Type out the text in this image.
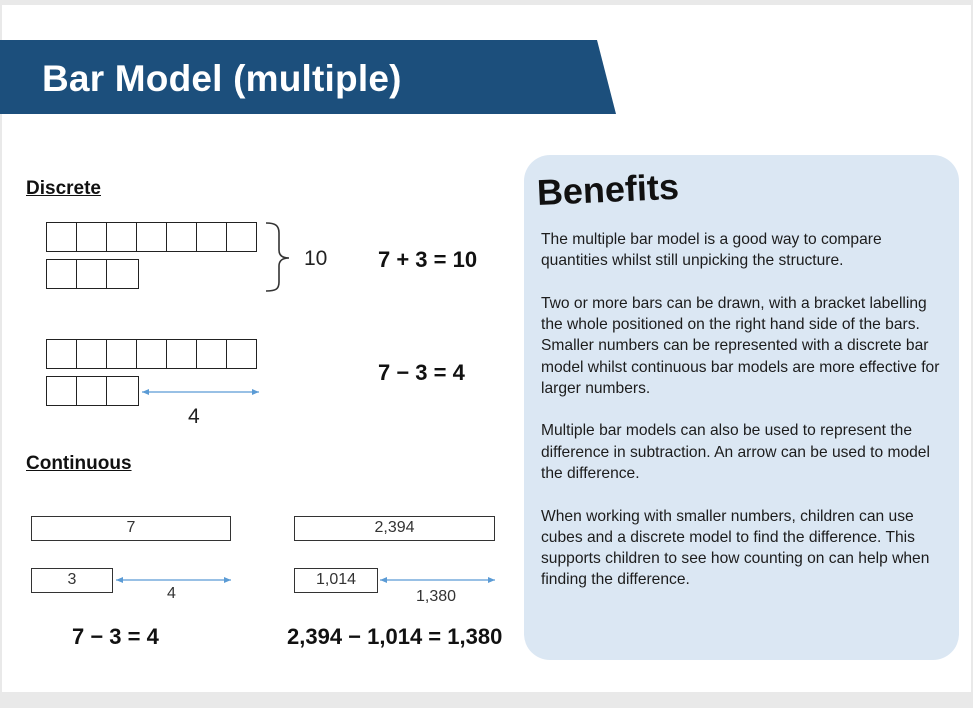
Bar Model (multiple)
Discrete
10 7 + 3 = 10
4
7 − 3 = 4
Continuous
7
3
4
7 − 3 = 4
2,394
1,014
1,380
2,394 − 1,014 = 1,380
Benefits

The multiple bar model is a good way to compare quantities whilst still unpicking the structure.

Two or more bars can be drawn, with a bracket labelling the whole positioned on the right hand side of the bars. Smaller numbers can be represented with a discrete bar model whilst continuous bar models are more effective for larger numbers.

Multiple bar models can also be used to represent the difference in subtraction. An arrow can be used to model the difference.

When working with smaller numbers, children can use cubes and a discrete model to find the difference. This supports children to see how counting on can help when finding the difference.
